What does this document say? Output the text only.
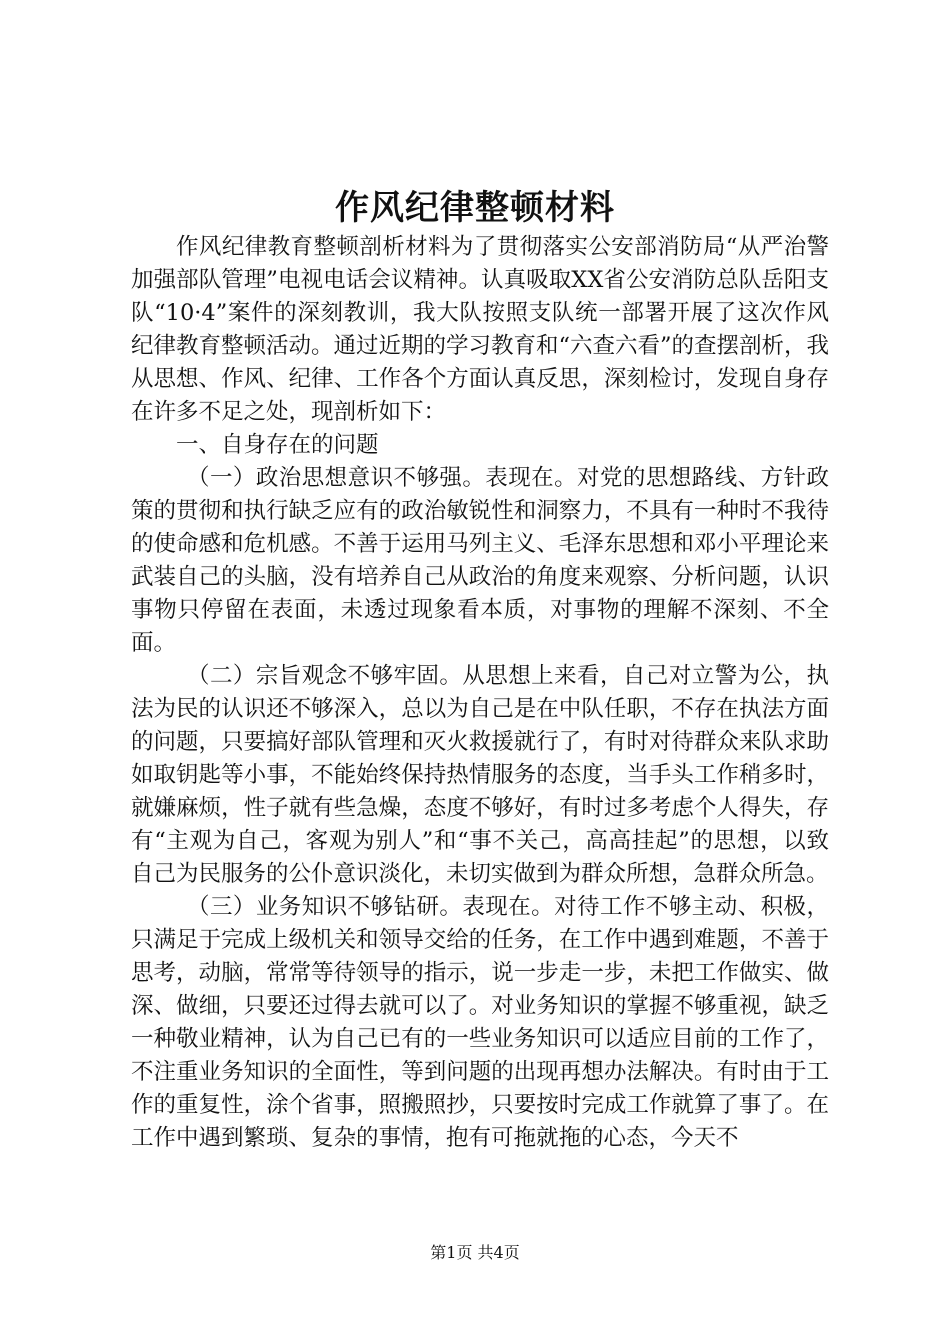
作风纪律整顿材料

作风纪律教育整顿剖析材料为了贯彻落实公安部消防局“从严治警加强部队管理”电视电话会议精神。认真吸取XX省公安消防总队岳阳支队“10·4”案件的深刻教训，我大队按照支队统一部署开展了这次作风纪律教育整顿活动。通过近期的学习教育和“六查六看”的查摆剖析，我从思想、作风、纪律、工作各个方面认真反思，深刻检讨，发现自身存在许多不足之处，现剖析如下：

一、自身存在的问题

（一）政治思想意识不够强。表现在。对党的思想路线、方针政策的贯彻和执行缺乏应有的政治敏锐性和洞察力，不具有一种时不我待的使命感和危机感。不善于运用马列主义、毛泽东思想和邓小平理论来武装自己的头脑，没有培养自己从政治的角度来观察、分析问题，认识事物只停留在表面，未透过现象看本质，对事物的理解不深刻、不全面。

（二）宗旨观念不够牢固。从思想上来看，自己对立警为公，执法为民的认识还不够深入，总以为自己是在中队任职，不存在执法方面的问题，只要搞好部队管理和灭火救援就行了，有时对待群众来队求助如取钥匙等小事，不能始终保持热情服务的态度，当手头工作稍多时，就嫌麻烦，性子就有些急燥，态度不够好，有时过多考虑个人得失，存有“主观为自己，客观为别人”和“事不关己，高高挂起”的思想，以致自己为民服务的公仆意识淡化，未切实做到为群众所想，急群众所急。

（三）业务知识不够钻研。表现在。对待工作不够主动、积极，只满足于完成上级机关和领导交给的任务，在工作中遇到难题，不善于思考，动脑，常常等待领导的指示，说一步走一步，未把工作做实、做深、做细，只要还过得去就可以了。对业务知识的掌握不够重视，缺乏一种敬业精神，认为自己已有的一些业务知识可以适应目前的工作了，不注重业务知识的全面性，等到问题的出现再想办法解决。有时由于工作的重复性，涂个省事，照搬照抄，只要按时完成工作就算了事了。在工作中遇到繁琐、复杂的事情，抱有可拖就拖的心态，今天不

第1页 共4页
